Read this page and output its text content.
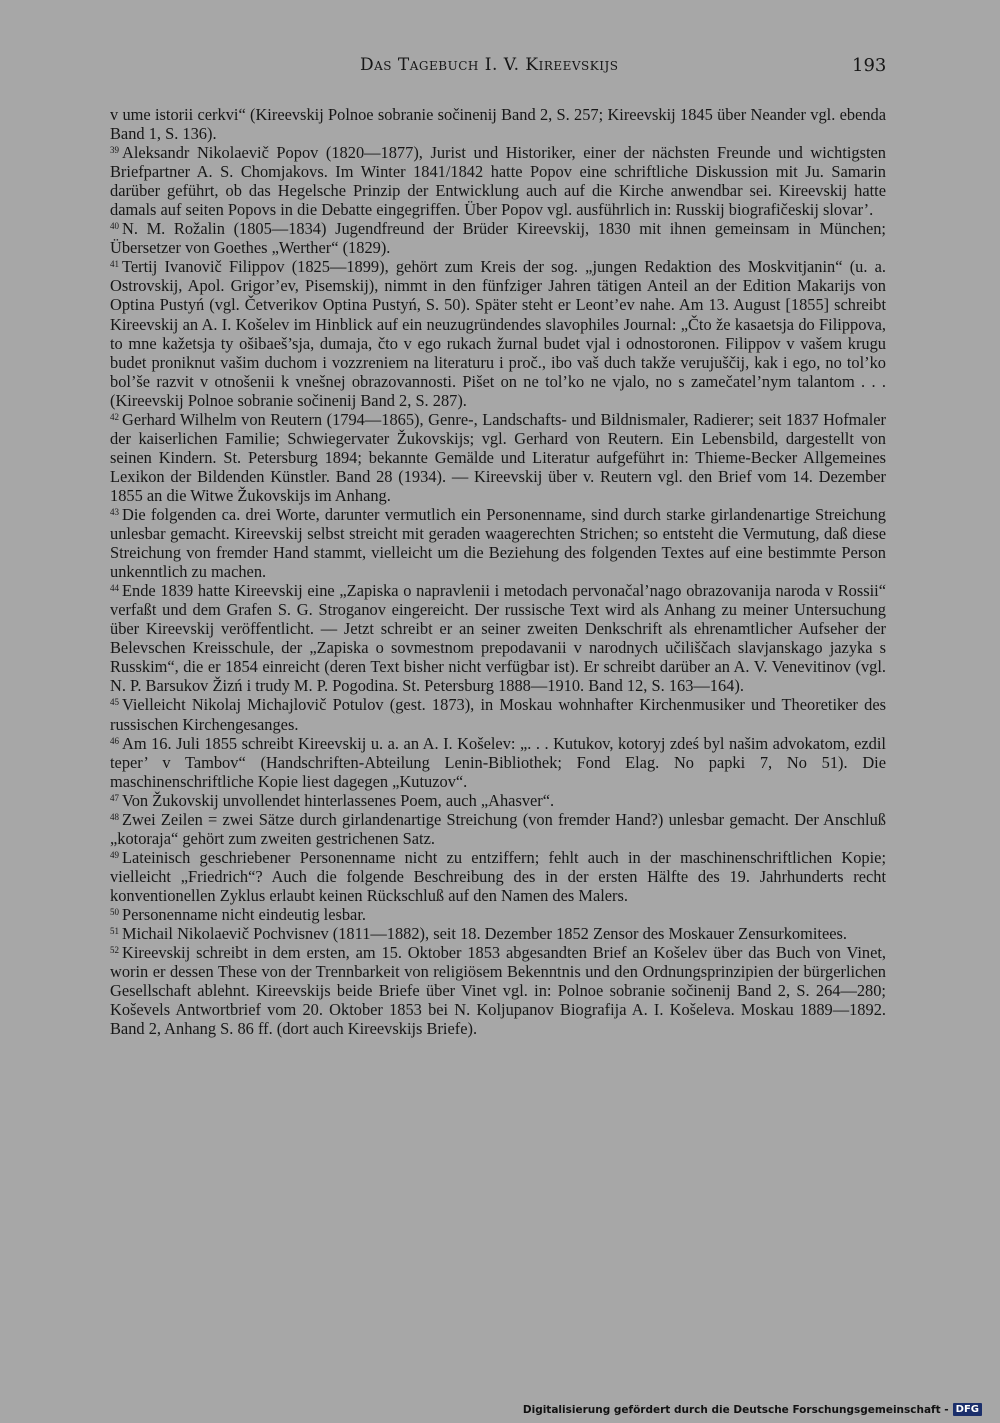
Das Tagebuch I. V. Kireevskijs	193

v ume istorii cerkvi“ (Kireevskij Polnoe sobranie sočinenij Band 2, S. 257; Kireevskij 1845 über Neander vgl. ebenda Band 1, S. 136).

$^{39}$ Aleksandr Nikolaevič Popov (1820—1877), Jurist und Historiker, einer der nächsten Freunde und wichtigsten Briefpartner A. S. Chomjakovs. Im Winter 1841/1842 hatte Popov eine schriftliche Diskussion mit Ju. Samarin darüber geführt, ob das Hegelsche Prinzip der Entwicklung auch auf die Kirche anwendbar sei. Kireevskij hatte damals auf seiten Popovs in die Debatte eingegriffen. Über Popov vgl. ausführlich in: Russkij biografičeskij slovar’.

$^{40}$ N. M. Rožalin (1805—1834) Jugendfreund der Brüder Kireevskij, 1830 mit ihnen gemeinsam in München; Übersetzer von Goethes „Werther“ (1829).

$^{41}$ Tertij Ivanovič Filippov (1825—1899), gehört zum Kreis der sog. „jungen Redaktion des Moskvitjanin“ (u. a. Ostrovskij, Apol. Grigor’ev, Pisemskij), nimmt in den fünfziger Jahren tätigen Anteil an der Edition Makarijs von Optina Pustyń (vgl. Četverikov Optina Pustyń, S. 50). Später steht er Leont’ev nahe. Am 13. August [1855] schreibt Kireevskij an A. I. Košelev im Hinblick auf ein neuzugründendes slavophiles Journal: „Čto že kasaetsja do Filippova, to mne kažetsja ty ošibaeš’sja, dumaja, čto v ego rukach žurnal budet vjal i odnostoronen. Filippov v vašem krugu budet proniknut vašim duchom i vozzreniem na literaturu i proč., ibo vaš duch takže verujuščij, kak i ego, no tol’ko bol’še razvit v otnošenii k vnešnej obrazovannosti. Pišet on ne tol’ko ne vjalo, no s zamečatel’nym talantom . . . (Kireevskij Polnoe sobranie sočinenij Band 2, S. 287).

$^{42}$ Gerhard Wilhelm von Reutern (1794—1865), Genre-, Landschafts- und Bildnismaler, Radierer; seit 1837 Hofmaler der kaiserlichen Familie; Schwiegervater Žukovskijs; vgl. Gerhard von Reutern. Ein Lebensbild, dargestellt von seinen Kindern. St. Petersburg 1894; bekannte Gemälde und Literatur aufgeführt in: Thieme-Becker Allgemeines Lexikon der Bildenden Künstler. Band 28 (1934). — Kireevskij über v. Reutern vgl. den Brief vom 14. Dezember 1855 an die Witwe Žukovskijs im Anhang.

$^{43}$ Die folgenden ca. drei Worte, darunter vermutlich ein Personenname, sind durch starke girlandenartige Streichung unlesbar gemacht. Kireevskij selbst streicht mit geraden waagerechten Strichen; so entsteht die Vermutung, daß diese Streichung von fremder Hand stammt, vielleicht um die Beziehung des folgenden Textes auf eine bestimmte Person unkenntlich zu machen.

$^{44}$ Ende 1839 hatte Kireevskij eine „Zapiska o napravlenii i metodach pervonačal’nago obrazovanija naroda v Rossii“ verfaßt und dem Grafen S. G. Stroganov eingereicht. Der russische Text wird als Anhang zu meiner Untersuchung über Kireevskij veröffentlicht. — Jetzt schreibt er an seiner zweiten Denkschrift als ehrenamtlicher Aufseher der Belevschen Kreisschule, der „Zapiska o sovmestnom prepodavanii v narodnych učiliščach slavjanskago jazyka s Russkim“, die er 1854 einreicht (deren Text bisher nicht verfügbar ist). Er schreibt darüber an A. V. Venevitinov (vgl. N. P. Barsukov Žizń i trudy M. P. Pogodina. St. Petersburg 1888—1910. Band 12, S. 163—164).

$^{45}$ Vielleicht Nikolaj Michajlovič Potulov (gest. 1873), in Moskau wohnhafter Kirchenmusiker und Theoretiker des russischen Kirchengesanges.

$^{46}$ Am 16. Juli 1855 schreibt Kireevskij u. a. an A. I. Košelev: „. . . Kutukov, kotoryj zdeś byl našim advokatom, ezdil teper’ v Tambov“ (Handschriften-Abteilung Lenin-Bibliothek; Fond Elag. No papki 7, No 51). Die maschinenschriftliche Kopie liest dagegen „Kutuzov“.

$^{47}$ Von Žukovskij unvollendet hinterlassenes Poem, auch „Ahasver“.

$^{48}$ Zwei Zeilen = zwei Sätze durch girlandenartige Streichung (von fremder Hand?) unlesbar gemacht. Der Anschluß „kotoraja“ gehört zum zweiten gestrichenen Satz.

$^{49}$ Lateinisch geschriebener Personenname nicht zu entziffern; fehlt auch in der maschinenschriftlichen Kopie; vielleicht „Friedrich“? Auch die folgende Beschreibung des in der ersten Hälfte des 19. Jahrhunderts recht konventionellen Zyklus erlaubt keinen Rückschluß auf den Namen des Malers.

$^{50}$ Personenname nicht eindeutig lesbar.

$^{51}$ Michail Nikolaevič Pochvisnev (1811—1882), seit 18. Dezember 1852 Zensor des Moskauer Zensurkomitees.

$^{52}$ Kireevskij schreibt in dem ersten, am 15. Oktober 1853 abgesandten Brief an Košelev über das Buch von Vinet, worin er dessen These von der Trennbarkeit von religiösem Bekenntnis und den Ordnungsprinzipien der bürgerlichen Gesellschaft ablehnt. Kireevskijs beide Briefe über Vinet vgl. in: Polnoe sobranie sočinenij Band 2, S. 264—280; Koševels Antwortbrief vom 20. Oktober 1853 bei N. Koljupanov Biografija A. I. Košeleva. Moskau 1889—1892. Band 2, Anhang S. 86 ff. (dort auch Kireevskijs Briefe).

Digitalisierung gefördert durch die Deutsche Forschungsgemeinschaft - DFG
